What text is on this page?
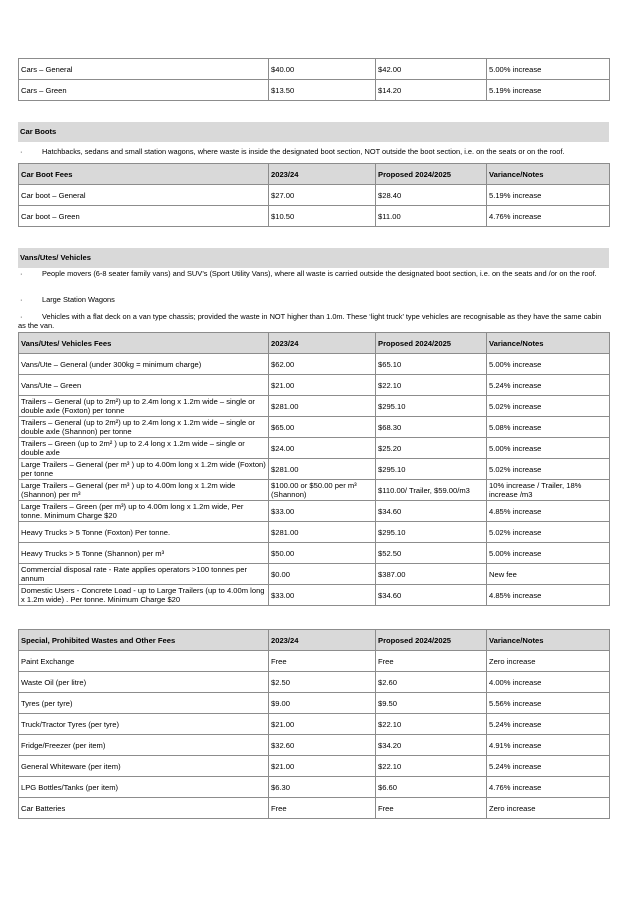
Cars – General	$40.00	$42.00	5.00% increase
Cars – Green	$13.50	$14.20	5.19% increase
Car Boots
·	Hatchbacks, sedans and small station wagons, where waste is inside the designated boot section, NOT outside the boot section, i.e. on the seats or on the roof.
Car Boot Fees	2023/24	Proposed 2024/2025	Variance/Notes
Car boot – General	$27.00	$28.40	5.19% increase
Car boot – Green	$10.50	$11.00	4.76% increase
Vans/Utes/ Vehicles
·	People movers (6-8 seater family vans) and SUV’s (Sport Utility Vans), where all waste is carried outside the designated boot section, i.e. on the seats and /or on the roof.
·	Large Station Wagons
·	Vehicles with a flat deck on a van type chassis; provided the waste in NOT higher than 1.0m. These ‘light truck’ type vehicles are recognisable as they have the same cabin as the van.
Vans/Utes/ Vehicles Fees	2023/24	Proposed 2024/2025	Variance/Notes
Vans/Ute – General (under 300kg = minimum charge)	$62.00	$65.10	5.00% increase
Vans/Ute – Green	$21.00	$22.10	5.24% increase
Trailers – General (up to 2m²) up to 2.4m long x 1.2m wide – single or double axle (Foxton) per tonne	$281.00	$295.10	5.02% increase
Trailers – General (up to 2m²) up to 2.4m long x 1.2m wide – single or double axle (Shannon) per tonne	$65.00	$68.30	5.08% increase
Trailers – Green (up to 2m² ) up to 2.4 long x 1.2m wide – single or double axle	$24.00	$25.20	5.00% increase
Large Trailers – General (per m³ ) up to 4.00m long x 1.2m wide (Foxton) per tonne	$281.00	$295.10	5.02% increase
Large Trailers – General (per m³ ) up to 4.00m long x 1.2m wide (Shannon) per m³	$100.00 or $50.00 per m³ (Shannon)	$110.00/ Trailer, $59.00/m3	10% increase / Trailer, 18% increase /m3
Large Trailers – Green (per m³) up to 4.00m long x 1.2m wide, Per tonne. Minimum Charge $20	$33.00	$34.60	4.85% increase
Heavy Trucks > 5 Tonne (Foxton) Per tonne.	$281.00	$295.10	5.02% increase
Heavy Trucks > 5 Tonne (Shannon) per m³	$50.00	$52.50	5.00% increase
Commercial disposal rate - Rate applies operators >100 tonnes per annum	$0.00	$387.00	New fee
Domestic Users - Concrete Load - up to Large Trailers (up to 4.00m long x 1.2m wide) . Per tonne. Minimum Charge $20	$33.00	$34.60	4.85% increase
Special, Prohibited Wastes and Other Fees	2023/24	Proposed 2024/2025	Variance/Notes
Paint Exchange	Free	Free	Zero increase
Waste Oil (per litre)	$2.50	$2.60	4.00% increase
Tyres (per tyre)	$9.00	$9.50	5.56% increase
Truck/Tractor Tyres (per tyre)	$21.00	$22.10	5.24% increase
Fridge/Freezer (per item)	$32.60	$34.20	4.91% increase
General Whiteware (per item)	$21.00	$22.10	5.24% increase
LPG Bottles/Tanks (per item)	$6.30	$6.60	4.76% increase
Car Batteries	Free	Free	Zero increase
